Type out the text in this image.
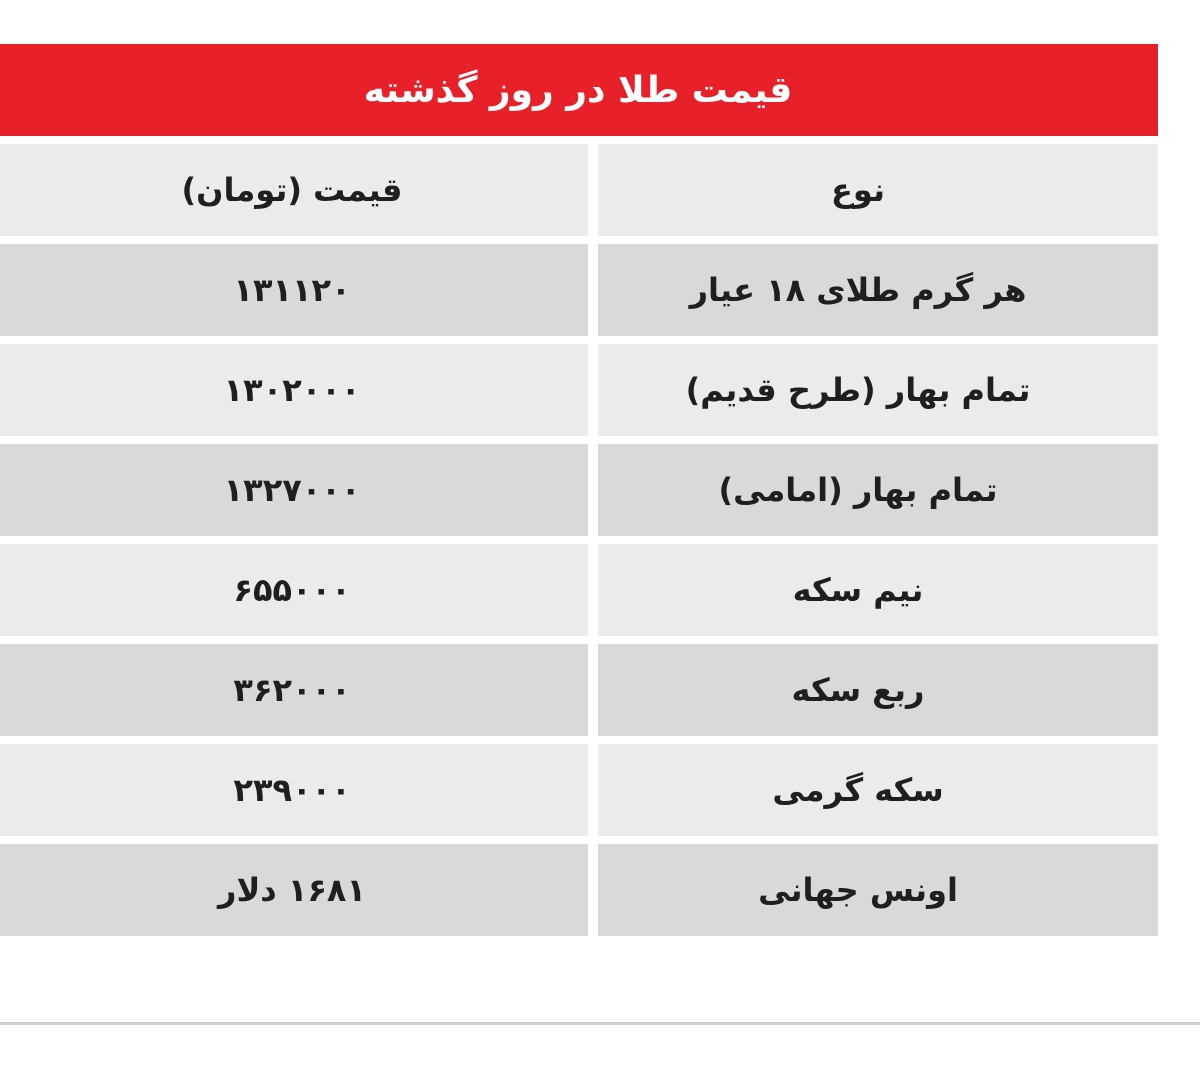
قیمت طلا در روز گذشته
قیمت (تومان)	نوع
۱۳۱۱۲۰	هر گرم طلای ۱۸ عیار
۱۳۰۲۰۰۰	تمام بهار (طرح قدیم)
۱۳۲۷۰۰۰	تمام بهار (امامی)
۶۵۵۰۰۰	نیم سکه
۳۶۲۰۰۰	ربع سکه
۲۳۹۰۰۰	سکه گرمی
۱۶۸۱ دلار	اونس جهانی
